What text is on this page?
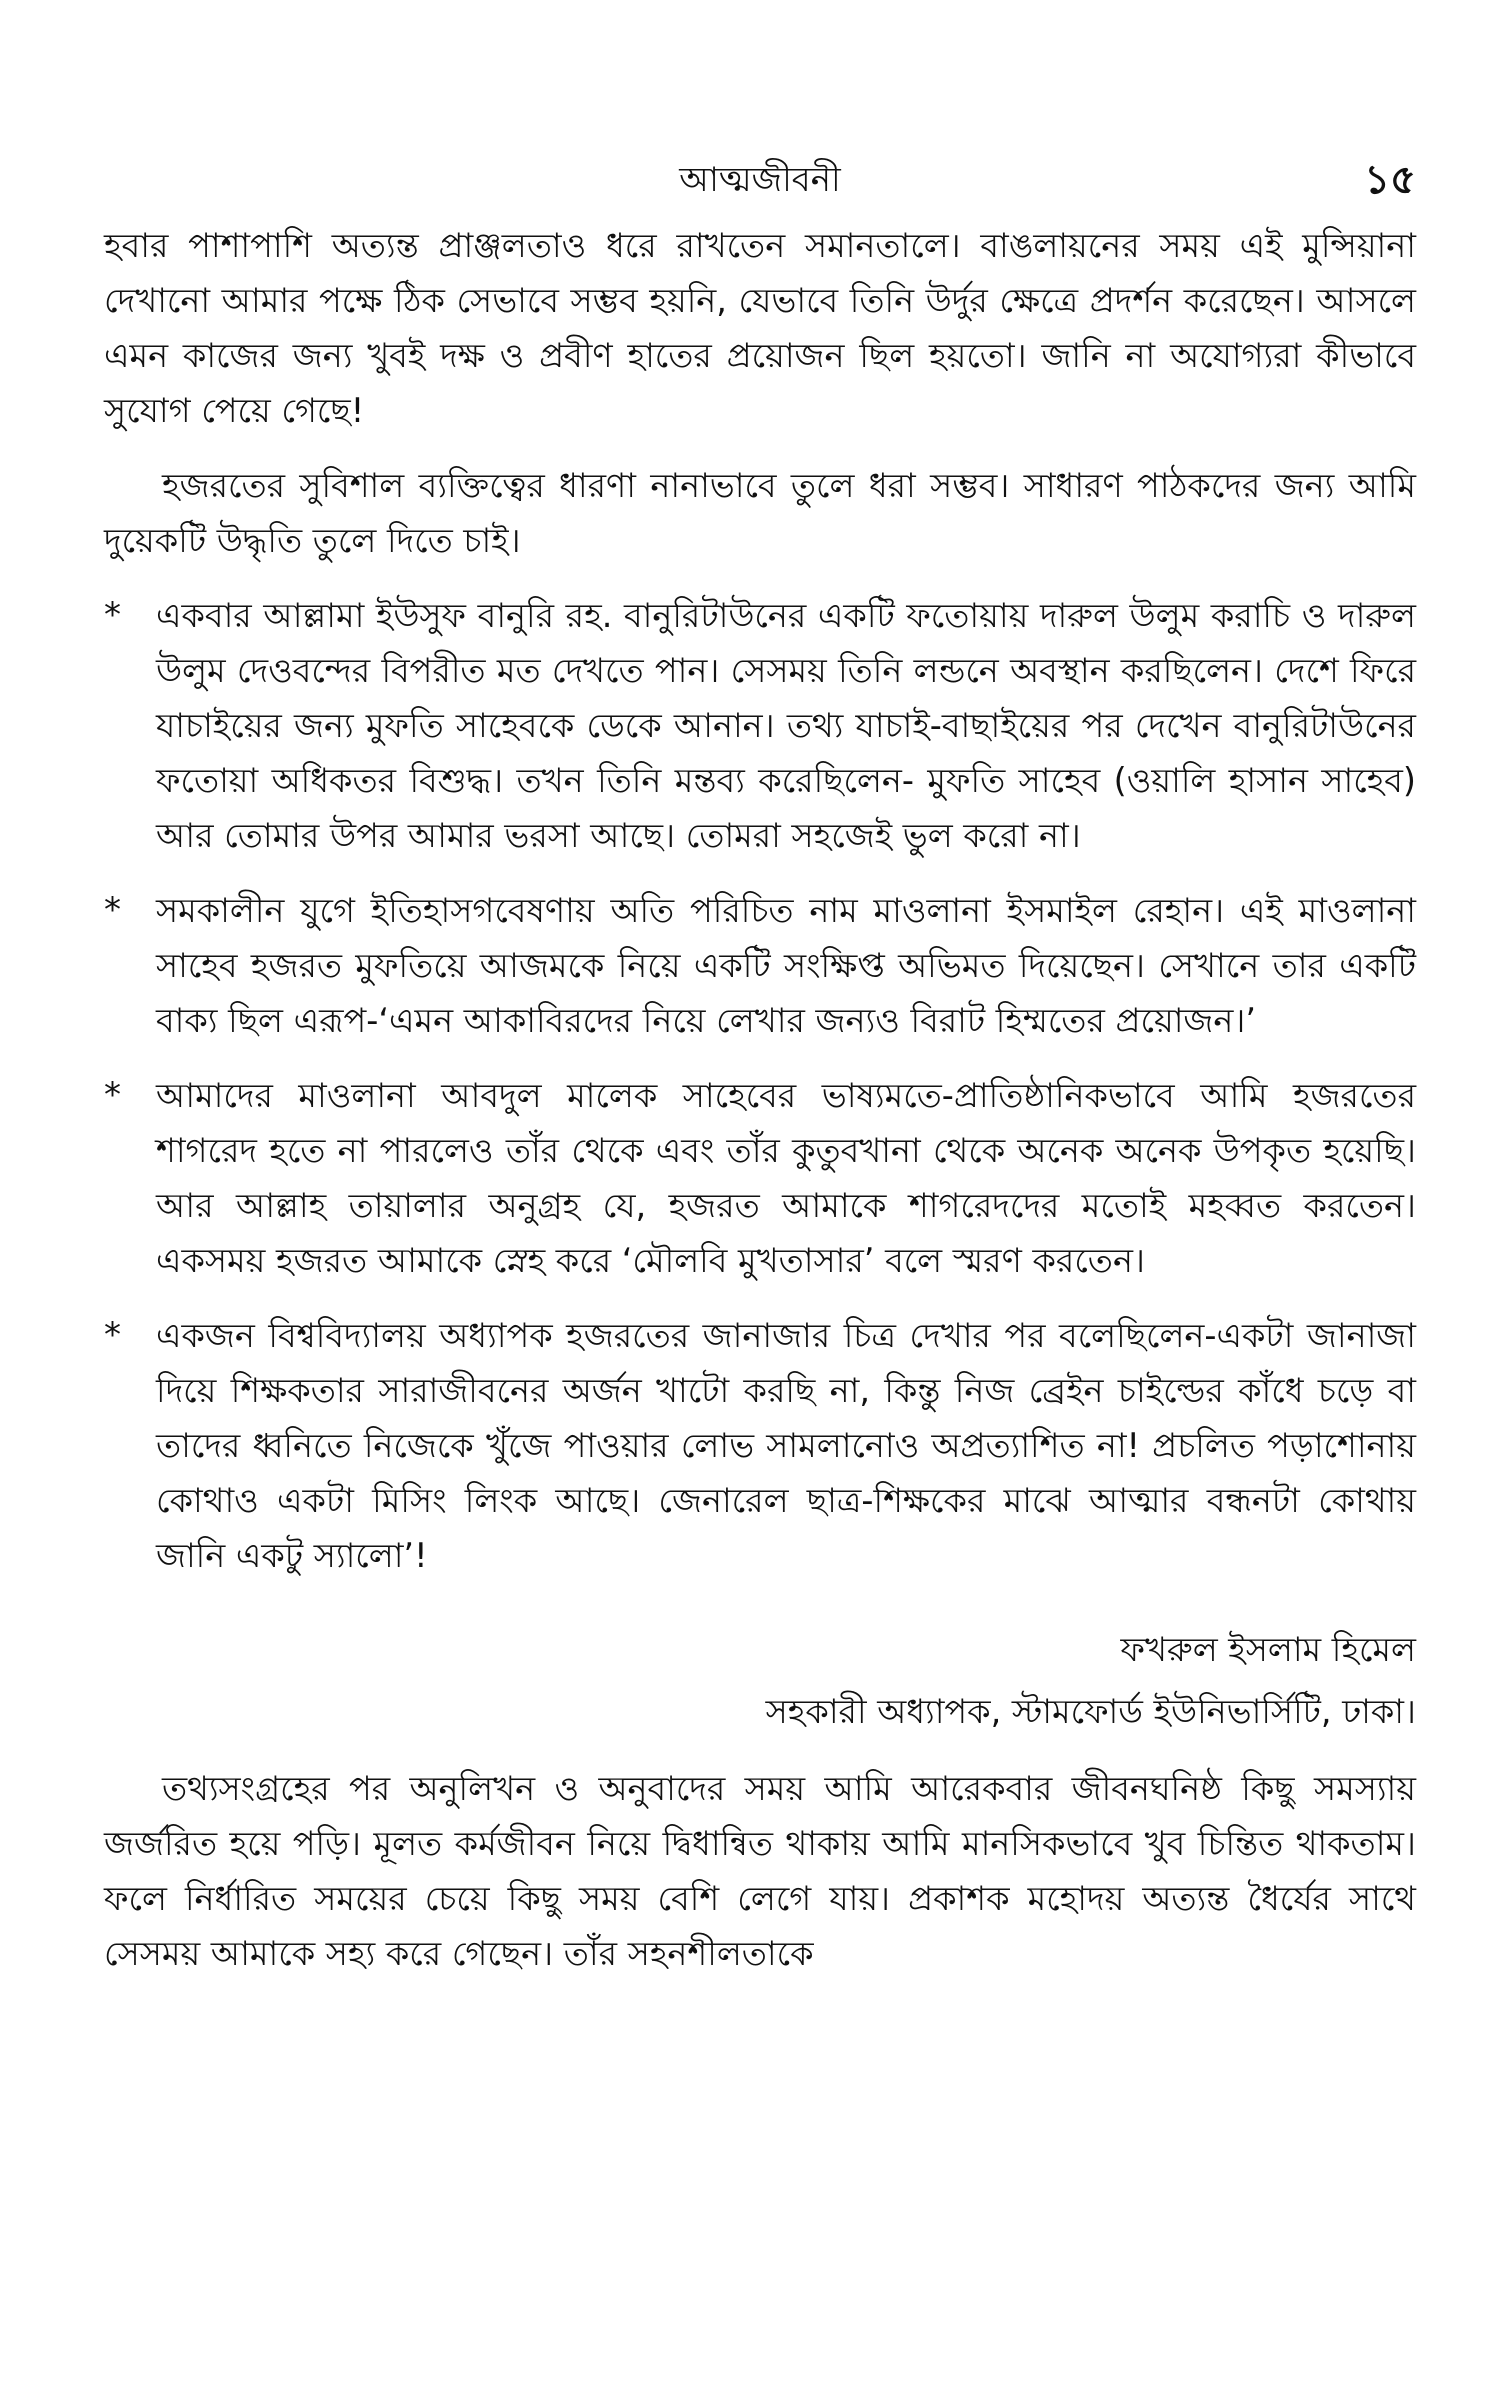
আত্মজীবনী	১৫

হবার পাশাপাশি অত্যন্ত প্রাঞ্জলতাও ধরে রাখতেন সমানতালে। বাঙলায়নের সময় এই মুন্সিয়ানা দেখানো আমার পক্ষে ঠিক সেভাবে সম্ভব হয়নি, যেভাবে তিনি উর্দুর ক্ষেত্রে প্রদর্শন করেছেন। আসলে এমন কাজের জন্য খুবই দক্ষ ও প্রবীণ হাতের প্রয়োজন ছিল হয়তো। জানি না অযোগ্যরা কীভাবে সুযোগ পেয়ে গেছে!

হজরতের সুবিশাল ব্যক্তিত্বের ধারণা নানাভাবে তুলে ধরা সম্ভব। সাধারণ পাঠকদের জন্য আমি দুয়েকটি উদ্ধৃতি তুলে দিতে চাই।

* একবার আল্লামা ইউসুফ বানুরি রহ. বানুরিটাউনের একটি ফতোয়ায় দারুল উলুম করাচি ও দারুল উলুম দেওবন্দের বিপরীত মত দেখতে পান। সেসময় তিনি লন্ডনে অবস্থান করছিলেন। দেশে ফিরে যাচাইয়ের জন্য মুফতি সাহেবকে ডেকে আনান। তথ্য যাচাই-বাছাইয়ের পর দেখেন বানুরিটাউনের ফতোয়া অধিকতর বিশুদ্ধ। তখন তিনি মন্তব্য করেছিলেন- মুফতি সাহেব (ওয়ালি হাসান সাহেব) আর তোমার উপর আমার ভরসা আছে। তোমরা সহজেই ভুল করো না।

* সমকালীন যুগে ইতিহাসগবেষণায় অতি পরিচিত নাম মাওলানা ইসমাইল রেহান। এই মাওলানা সাহেব হজরত মুফতিয়ে আজমকে নিয়ে একটি সংক্ষিপ্ত অভিমত দিয়েছেন। সেখানে তার একটি বাক্য ছিল এরূপ-‘এমন আকাবিরদের নিয়ে লেখার জন্যও বিরাট হিম্মতের প্রয়োজন।’

* আমাদের মাওলানা আবদুল মালেক সাহেবের ভাষ্যমতে-প্রাতিষ্ঠানিকভাবে আমি হজরতের শাগরেদ হতে না পারলেও তাঁর থেকে এবং তাঁর কুতুবখানা থেকে অনেক অনেক উপকৃত হয়েছি। আর আল্লাহ তায়ালার অনুগ্রহ যে, হজরত আমাকে শাগরেদদের মতোই মহব্বত করতেন। একসময় হজরত আমাকে স্নেহ করে ‘মৌলবি মুখতাসার’ বলে স্মরণ করতেন।

* একজন বিশ্ববিদ্যালয় অধ্যাপক হজরতের জানাজার চিত্র দেখার পর বলেছিলেন-একটা জানাজা দিয়ে শিক্ষকতার সারাজীবনের অর্জন খাটো করছি না, কিন্তু নিজ ব্রেইন চাইল্ডের কাঁধে চড়ে বা তাদের ধ্বনিতে নিজেকে খুঁজে পাওয়ার লোভ সামলানোও অপ্রত্যাশিত না! প্রচলিত পড়াশোনায় কোথাও একটা মিসিং লিংক আছে। জেনারেল ছাত্র-শিক্ষকের মাঝে আত্মার বন্ধনটা কোথায় জানি একটু স্যালো’!

ফখরুল ইসলাম হিমেল
সহকারী অধ্যাপক, স্টামফোর্ড ইউনিভার্সিটি, ঢাকা।

তথ্যসংগ্রহের পর অনুলিখন ও অনুবাদের সময় আমি আরেকবার জীবনঘনিষ্ঠ কিছু সমস্যায় জর্জরিত হয়ে পড়ি। মূলত কর্মজীবন নিয়ে দ্বিধান্বিত থাকায় আমি মানসিকভাবে খুব চিন্তিত থাকতাম। ফলে নির্ধারিত সময়ের চেয়ে কিছু সময় বেশি লেগে যায়। প্রকাশক মহোদয় অত্যন্ত ধৈর্যের সাথে সেসময় আমাকে সহ্য করে গেছেন। তাঁর সহনশীলতাকে
